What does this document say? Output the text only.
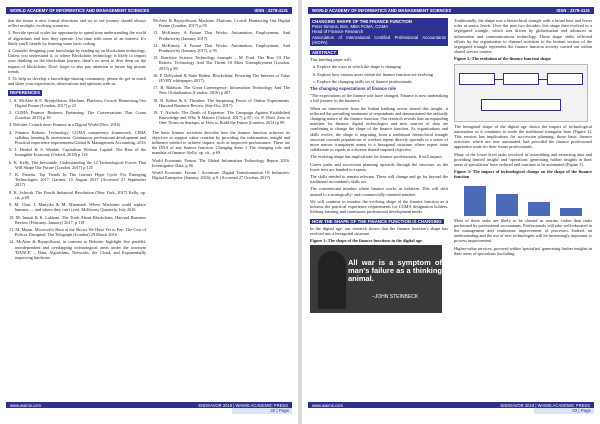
WORLD ACADEMY OF INFORMATICS AND MANAGEMENT SCIENCES	ISSN : 2278-4131

that the future is new formal directions and try to see journey should always reflect multiple, evolving scenarios.

3. Provide special scales for opportunity to spend time understanding the world of algorithms and how they operate. Use time with more of an interest. It's likely you'll benefit by learning some basic coding.

4. Consider designing your knowledge by reading up on blockchain technology. Unless you understand it, or where Blockchain technology is likely to impact your thinking on the blockchain journey, there's no need to dive deep on the impact of blockchain. Don't forget to also pay attention to future big picture trends.

5. To help us develop a knowledge-sharing community, please do get in touch and share your experiences, observations and opinions with us.

REFERENCES

1. A. McAfee & E. Brynjolfsson. Machine, Platform, Crowd: Harnessing Our Digital Future (London, 2017) p 23

2. CGMA Finance Business Partnering: The Conversations That Count (London, 2015) p 18

3. Deloitte. Crunch time: Finance in a Digital World (Nov. 2016)

4. Finance Robotic Technology. CGMA competency framework, CIMA syllabus learning & assessment. Continuous professional development and Practical experience requirements/Global & Management Accounting, 2016

5. J. Henkel & S. Wenkle. Capitalism Without Capital: The Rise of the Intangible Economy (Oxford, 2018) p 116

6. K. Kelly. The Inevitable: Understanding the 12 Technological Forces That Will Shape Our Future (London, 2017) p 125

7. K. Panetta. Top Trends In The Gartner Hype Cycle For Emerging Technologies 2017. Gartner, 15 August 2017 (Accessed 27 September 2017)

8. K. Schwab. The Fourth Industrial Revolution (New York, 2017) Kelly, op. cit, p 69

9. M. Chui, J. Manyika & M. Miremadi. Where Machines could replace humans — and where they can't (yet). McKinsey Quarterly, July 2016

10. M. Iansiti & K. Lakhani. The Truth About Blockchain. Harvard Business Review (February–January) 2017, p 118

11. M. Mazur. Microsoft's Race at the Shows We Have Yet to Pay: The Cost of Polices Disrupted. The Telegraph (London) 29 March 2016

12. McAfee & Brynjolfsson, in contrast to Deloitte: highlight five parallel, interdependent and overlapping technological areas under the acronym 'DANCE' – Data, Algorithms, Networks, the Cloud, and Exponentially improving hardware.

McAfee & Brynjolfsson. Machine, Platform, Crowd: Harnessing Our Digital Future (London, 2017) p 95

13. McKinsey. A Future That Works: Automation, Employment, And Productivity (January 2017)

14. McKinsey. A Future That Works: Automation, Employment, And Productivity (January 2017), p 95

15. Narrative Science Technology example – M. Ford. The Rise Of The Robots: Technology And The Threat Of Mass Unemployment (London, 2015) p 86

16. P. Dellyahuil & Suite Halten. Blockchain: Powering The Internet of Value (EVRY whitepaper, 2017)

17. R. Baldwin. The Great Convergence: Information Technology And The New Globalization (London, 2016) p 287

18. R. Kehoe & S. Thrasher. The Surprising Power of Online Experiments. Harvard Business Review (Sep-Oct, 2017)

19. T. Nichols. The Death of Expertise: The Campaign Against Established Knowledge and Why It Matters (Oxford, 2017) p 87; vii. P. Thiel. Zero to One: Notes on Startups, or How to Build the Future (London, 2014) p 89

The basic finance activities describe how the finance function achieves its objective to support value creation by providing the information, insight and influence needed to achieve impact, such as improved performance. These are the DNA of any finance function. Changing these 1 The changing role and mandate of finance: Kelly, op. cit., p 69.

World Economic Forum. The Global Information Technology Report 2016. Investigative Data, p 96

World Economic Forum / Accenture. Digital Transformation Of Industries: Digital Enterprise (January, 2016), p 9. (Accessed 27 October, 2017)

www.waims.com	ENDEAVOR 2019 | WAIMS ACADEMIC PRESS
32 | Page
WORLD ACADEMY OF INFORMATICS AND MANAGEMENT SCIENCES	ISSN : 2278-4131
CHANGING SHAPE OF THE FINANCE FUNCTION
Peter Simons, BSc, MBA FCMA, CGMA
Head of Finance Research
Association of International Certified Professional Accountants (AICPA)
ABSTRACT

This briefing paper will:

a. Explore the ways in which the shape is changing

b. Explore how various areas within the finance function are evolving

c. Explore the changing skills set of finance professionals

The changing expectations of finance role

"The expectations of the finance role have changed. Finance is now undertaking a full journey to the business."

When an interviewee from the Indian banking sector shared this insight, it reflected the prevailing sentiment of respondents and demonstrated the radically changing nature of the finance function. Our research reveals that an expanding mandate for finance, digital technologies and new sources of data are combining to change the shape of the finance function. As organisations and skills evolve, the shape is migrating from a traditional hierarchical triangle structure towards populations of workers repeat directly upwards to a series of more narrow transparent teams to a hexagonal structure where expert team collaborate as equals in a diverse shared-inspired objective.

The evolving shape has implications for finance professionals. It will impact:

Career paths and succession planning upwards through the structure, as the lower tiers are handed to experts.

The skills needed to remain relevant. These will change and go far beyond the traditional accountant's skills set.

The conventional mindset where finance works in isolation. This will shift instead to a strategically- and commercially-oriented mindset.

We will continue to monitor the evolving shape of the finance function as it informs the practical experience requirements for CGMA designation holders, lifelong learning and continuous professional development needs.

HOW THE SHAPE OF THE FINANCE FUNCTION IS CHANGING

In the digital age, our research shows that the finance function's shape has evolved into a hexagonal structure.

Figure 1: The shape of the finance functions in the digital age

All war is a symptom of man's failure as a thinking animal.
–JOHN STEINBECK

Traditionally, the shape was a hierarchical triangle with a broad base and fewer roles at senior levels. Over the past two decades, this shape then evolved to a segregated triangle, which was driven by globalisation and advances in information and communications technology. These shape shifts reflected efforts by the organisation to channel activities to the bottom section of the segregated triangle represents the finance function activity carried out within shared service centers.

Figure 2: The evolution of the finance function shape

The hexagonal shape of the digital age shows the impact of technological automation as it continues to erode the traditional triangular base (Figure 2). This erosion has implications for succession planning; those basic finance activities, which are now automated, had provided the finance professional apprentice route for their future professionals.

Many of the lower level tasks involved in 'assembling and extracting data and providing limited insight' and 'operations' generating further insights in their areas of speculation' have reduced and continue to be automated (Figure 3).

Figure 3: The impact of technological change on the shape of the finance function

Most of these tasks are likely to be classed as routine, rather than tasks performed by professional accountants. Professionals will take well-educated in the management and continuous improvement of processes. Indeed, an understanding and the use of new technologies will be increasingly important to process improvement.

Higher-value services, powered within 'specialists' generating further insights in their areas of specialism (including

www.waims.com	ENDEAVOR 2019 | WAIMS ACADEMIC PRESS
33 | Page
